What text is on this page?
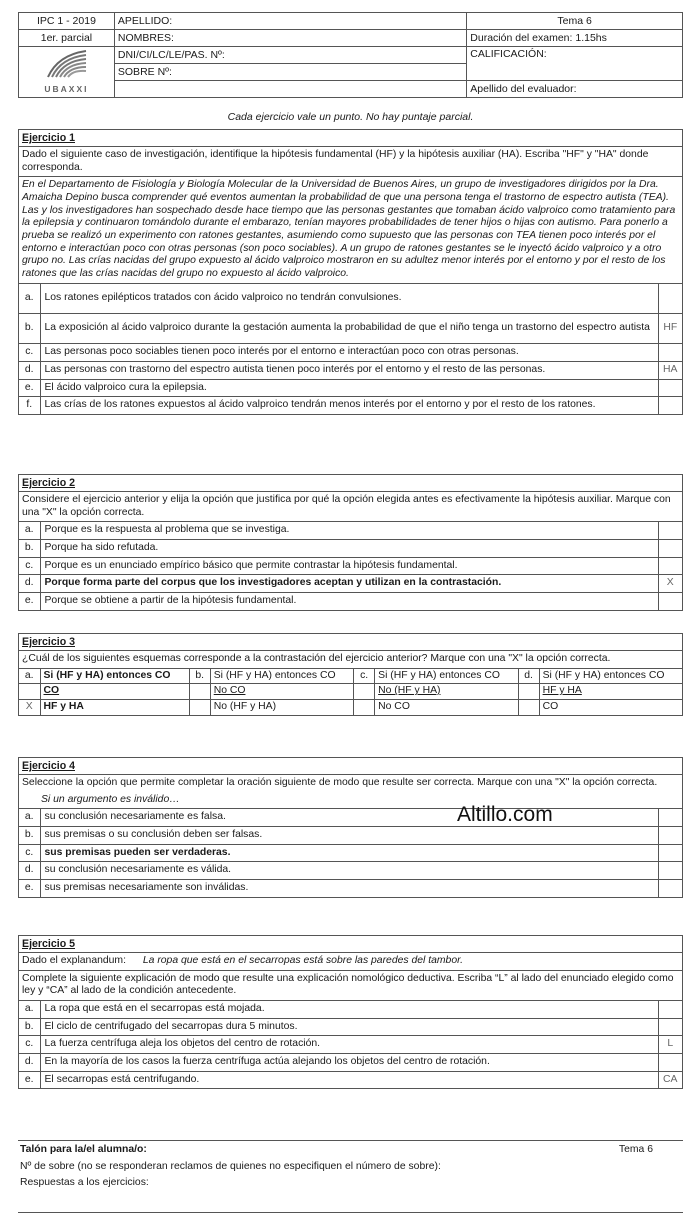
IPC 1 - 2019	APELLIDO:	Tema 6
1er. parcial	NOMBRES:	Duración del examen: 1.15hs

UBAXXI	DNI/CI/LC/LE/PAS. Nº:	CALIFICACIÓN:
	SOBRE Nº:	
		Apellido del evaluador:
Cada ejercicio vale un punto. No hay puntaje parcial.
Ejercicio 1
Dado el siguiente caso de investigación, identifique la hipótesis fundamental (HF) y la hipótesis auxiliar (HA). Escriba "HF" y "HA" donde corresponda.
En el Departamento de Fisiología y Biología Molecular de la Universidad de Buenos Aires, un grupo de investigadores dirigidos por la Dra. Amaicha Depino busca comprender qué eventos aumentan la probabilidad de que una persona tenga el trastorno de espectro autista (TEA). Las y los investigadores han sospechado desde hace tiempo que las personas gestantes que tomaban ácido valproico como tratamiento para la epilepsia y continuaron tomándolo durante el embarazo, tenían mayores probabilidades de tener hijos o hijas con autismo. Para ponerlo a prueba se realizó un experimento con ratones gestantes, asumiendo como supuesto que las personas con TEA tienen poco interés por el entorno e interactúan poco con otras personas (son poco sociables). A un grupo de ratones gestantes se le inyectó ácido valproico y a otro grupo no. Las crías nacidas del grupo expuesto al ácido valproico mostraron en su adultez menor interés por el entorno y por el resto de los ratones que las crías nacidas del grupo no expuesto al ácido valproico.
a.	Los ratones epilépticos tratados con ácido valproico no tendrán convulsiones.	
b.	La exposición al ácido valproico durante la gestación aumenta la probabilidad de que el niño tenga un trastorno del espectro autista	HF
c.	Las personas poco sociables tienen poco interés por el entorno e interactúan poco con otras personas.	
d.	Las personas con trastorno del espectro autista tienen poco interés por el entorno y el resto de las personas.	HA
e.	El ácido valproico cura la epilepsia.	
f.	Las crías de los ratones expuestos al ácido valproico tendrán menos interés por el entorno y por el resto de los ratones.	
Ejercicio 2
Considere el ejercicio anterior y elija la opción que justifica por qué la opción elegida antes es efectivamente la hipótesis auxiliar. Marque con una "X" la opción correcta.
a.	Porque es la respuesta al problema que se investiga.	
b.	Porque ha sido refutada.	
c.	Porque es un enunciado empírico básico que permite contrastar la hipótesis fundamental.	
d.	Porque forma parte del corpus que los investigadores aceptan y utilizan en la contrastación.	X
e.	Porque se obtiene a partir de la hipótesis fundamental.	
Ejercicio 3
¿Cuál de los siguientes esquemas corresponde a la contrastación del ejercicio anterior? Marque con una "X" la opción correcta.
a.	Si (HF y HA) entonces CO	b.	Si (HF y HA) entonces CO	c.	Si (HF y HA) entonces CO	d.	Si (HF y HA) entonces CO
	CO		No CO		No (HF y HA)		HF y HA
X	HF y HA		No (HF y HA)		No CO		CO
Ejercicio 4
Seleccione la opción que permite completar la oración siguiente de modo que resulte ser correcta. Marque con una "X" la opción correcta.
Si un argumento es inválido…
a.	su conclusión necesariamente es falsa.	
b.	sus premisas o su conclusión deben ser falsas.	
c.	sus premisas pueden ser verdaderas.	
d.	su conclusión necesariamente es válida.	
e.	sus premisas necesariamente son inválidas.	
Altillo.com
Ejercicio 5
Dado el explanandum: La ropa que está en el secarropas está sobre las paredes del tambor.
Complete la siguiente explicación de modo que resulte una explicación nomológico deductiva. Escriba “L” al lado del enunciado elegido como ley y “CA” al lado de la condición antecedente.
a.	La ropa que está en el secarropas está mojada.	
b.	El ciclo de centrifugado del secarropas dura 5 minutos.	
c.	La fuerza centrífuga aleja los objetos del centro de rotación.	L
d.	En la mayoría de los casos la fuerza centrífuga actúa alejando los objetos del centro de rotación.	
e.	El secarropas está centrifugando.	CA
Talón para la/el alumna/o:	Tema 6
Nº de sobre (no se responderan reclamos de quienes no especifiquen el número de sobre):
Respuestas a los ejercicios:
